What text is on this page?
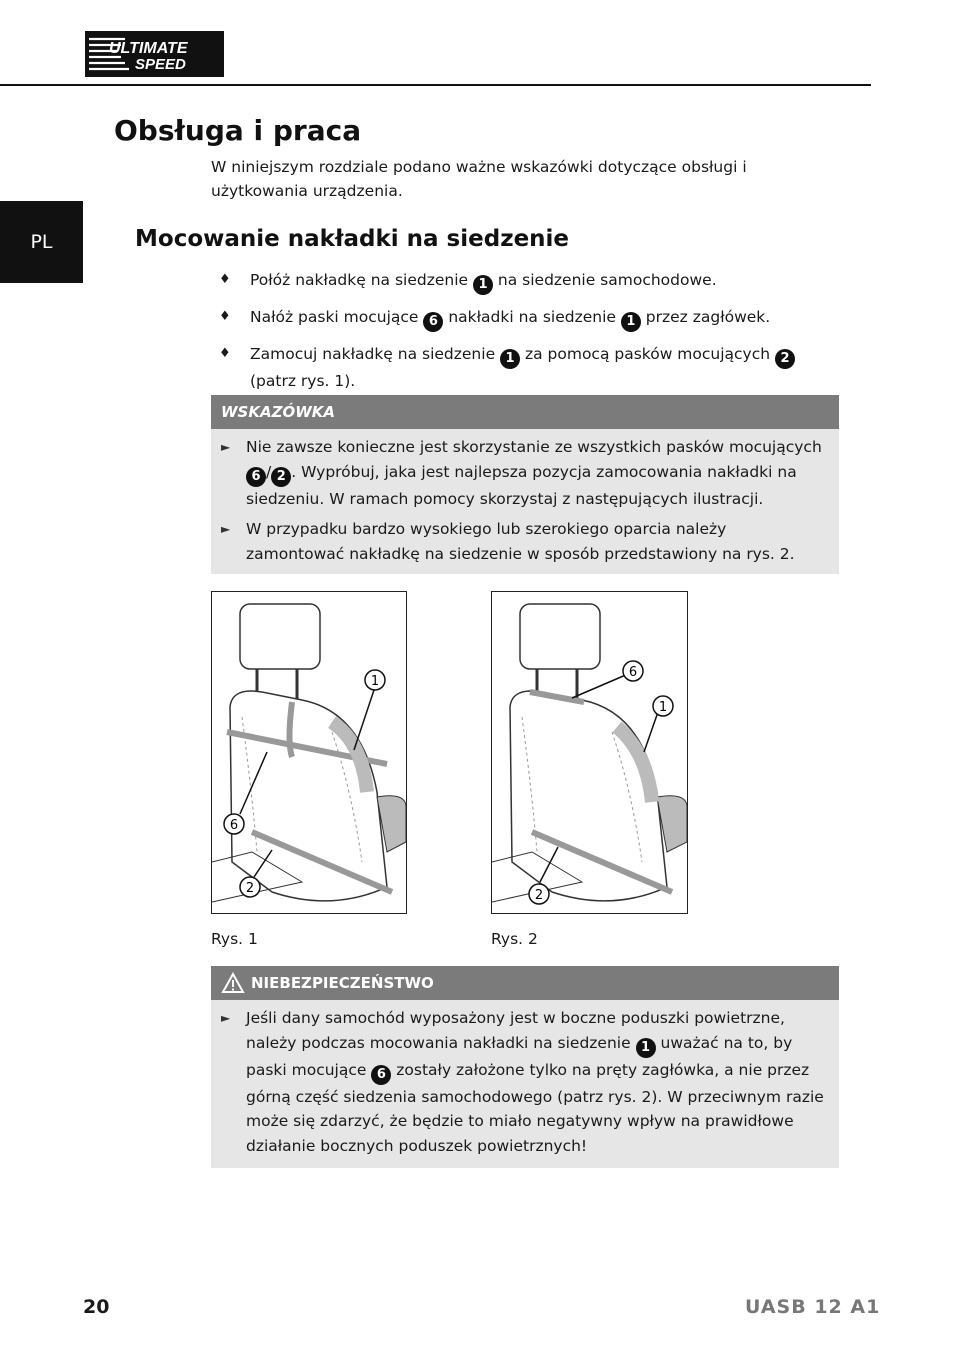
ULTIMATE
SPEED
PL
Obsługa i praca
W niniejszym rozdziale podano ważne wskazówki dotyczące obsługi i użytkowania urządzenia.
Mocowanie nakładki na siedzenie
♦ Połóż nakładkę na siedzenie 1 na siedzenie samochodowe.
♦ Nałóż paski mocujące 6 nakładki na siedzenie 1 przez zagłówek.
♦ Zamocuj nakładkę na siedzenie 1 za pomocą pasków mocujących 2 (patrz rys. 1).
WSKAZÓWKA
► Nie zawsze konieczne jest skorzystanie ze wszystkich pasków mocujących 6 / 2 . Wypróbuj, jaka jest najlepsza pozycja zamocowania nakładki na siedzeniu. W ramach pomocy skorzystaj z następujących ilustracji.
► W przypadku bardzo wysokiego lub szerokiego oparcia należy zamontować nakładkę na siedzenie w sposób przedstawiony na rys. 2.
1
6
2
Rys. 1
6
1
2
Rys. 2
NIEBEZPIECZEŃSTWO
► Jeśli dany samochód wyposażony jest w boczne poduszki powietrzne, należy podczas mocowania nakładki na siedzenie 1 uważać na to, by paski mocujące 6 zostały założone tylko na pręty zagłówka, a nie przez górną część siedzenia samochodowego (patrz rys. 2). W przeciwnym razie może się zdarzyć, że będzie to miało negatywny wpływ na prawidłowe działanie bocznych poduszek powietrznych!
20	UASB 12 A1
